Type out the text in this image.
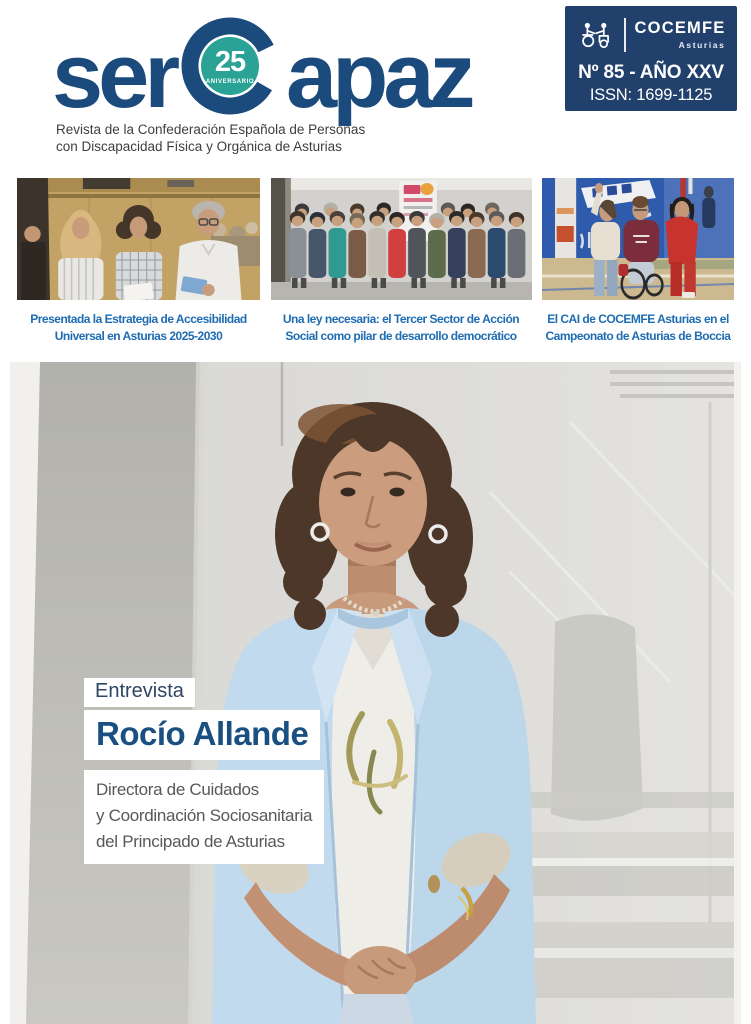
ser 25
ANIVERSARIO apaz
Revista de la Confederación Española de Personas
con Discapacidad Física y Orgánica de Asturias
COCEMFE
Asturias
Nº 85 - AÑO XXV
ISSN: 1699-1125
Presentada la Estrategia de Accesibilidad
Universal en Asturias 2025-2030
Una ley necesaria: el Tercer Sector de Acción
Social como pilar de desarrollo democrático
El CAI de COCEMFE Asturias en el
Campeonato de Asturias de Boccia
Entrevista
Rocío Allande
Directora de Cuidados
y Coordinación Sociosanitaria
del Principado de Asturias
